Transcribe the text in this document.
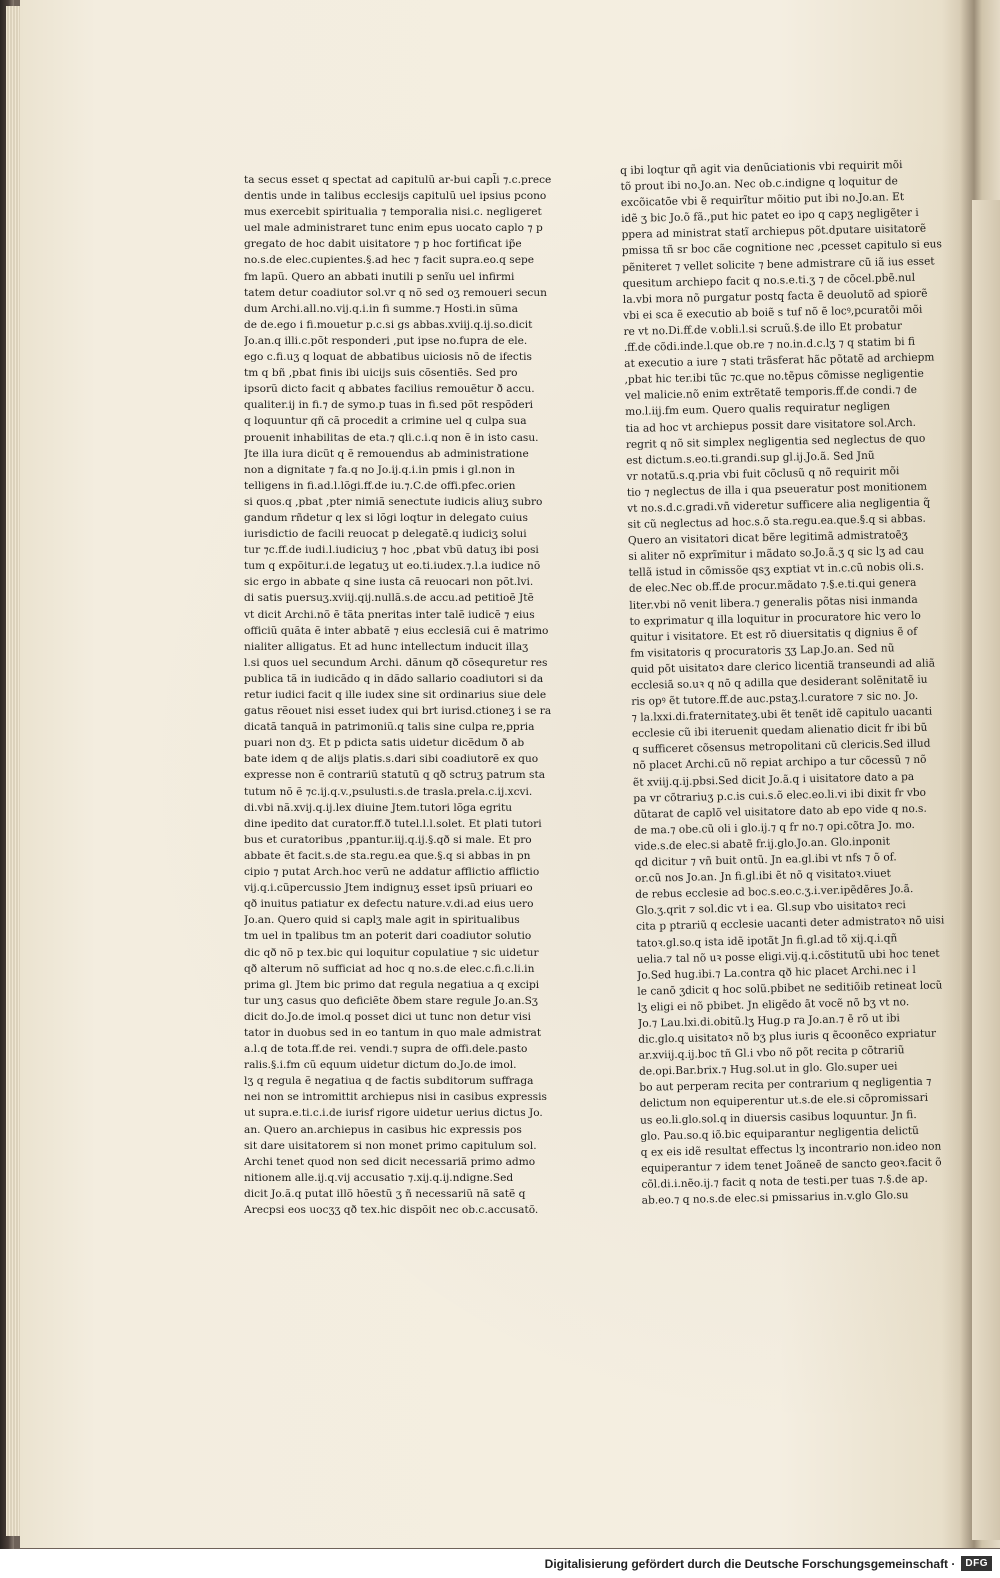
ta secus esset q spectat ad capitulũ ar-bui capl̃i ⁊.c.prece
dentis unde in talibus ecclesijs capitulũ uel ipsius pcono
mus exercebit spiritualia ⁊ temporalia nisi.c. negligeret
uel male administraret tunc enim epus uocato caplo ⁊ p
gregato de hoc dabit uisitatore ⁊ p hoc fortificat ip̃e
no.s.de elec.cupientes.§.ad hec ⁊ facit supra.eo.q sepe
fm lapũ. Quero an abbati inutili p senĩu uel infirmi
tatem detur coadiutor sol.vr q nõ sed oʒ remoueri secun
dum Archi.all.no.vij.q.i.in fi summe.⁊ Hosti.in sũma
de de.ego i fi.mouetur p.c.si gs abbas.xviij.q.ij.so.dicit
Jo.an.q illi.c.põt responderi ,put ipse no.fupra de ele.
ego c.fi.uʒ q loquat de abbatibus uiciosis nõ de ifectis
tm q bñ ,pbat finis ibi uicijs suis cõsentiẽs. Sed pro
ipsorũ dicto facit q abbates facilius remouẽtur ð accu.
qualiter.ij in fi.⁊ de symo.p tuas in fi.sed põt respõderi
q loquuntur qñ cã procedit a crimine uel q culpa sua
prouenit inhabilitas de eta.⁊ qli.c.i.q non ẽ in isto casu.
Jte illa iura dicũt q ẽ remouendus ab administratione
non a dignitate ⁊ fa.q no Jo.ij.q.i.in pmis i gl.non in
telligens in fi.ad.l.lõgi.ff.de iu.⁊.C.de offi.pfec.orien
si quos.q ,pbat ,pter nimiã senectute iudicis aliuʒ subro
gandum rñdetur q lex si lõgi loqtur in delegato cuius
iurisdictio de facili reuocat p delegatẽ.q iudiciʒ solui
tur ⁊c.ff.de iudi.l.iudiciuʒ ⁊ hoc ,pbat vbũ datuʒ ibi posi
tum q expõitur.i.de legatuʒ ut eo.ti.iudex.⁊.l.a iudice nõ
sic ergo in abbate q sine iusta cã reuocari non põt.lvi.
di satis puersuʒ.xviij.qij.nullã.s.de accu.ad petitioẽ Jtẽ
vt dicit Archi.nõ ẽ tãta pneritas inter talẽ iudicẽ ⁊ eius
officiũ quãta ẽ inter abbatẽ ⁊ eius ecclesiã cui ẽ matrimo
nialiter alligatus. Et ad hunc intellectum inducit illaʒ
l.si quos uel secundum Archi. dãnum qð cõsequretur res
publica tã in iudicãdo q in dãdo sallario coadiutori si da
retur iudici facit q ille iudex sine sit ordinarius siue dele
gatus rẽouet nisi esset iudex qui brt iurisd.ctioneʒ i se ra
dicatã tanquã in patrimoniũ.q talis sine culpa re,ppria
puari non dʒ. Et p pdicta satis uidetur dicẽdum ð ab
bate idem q de alijs platis.s.dari sibi coadiutorẽ ex quo
expresse non ẽ contrariũ statutũ q qð sctruʒ patrum sta
tutum nõ ẽ ⁊c.ij.q.v.,psulusti.s.de trasla.prela.c.ij.xcvi.
di.vbi nã.xvij.q.ij.lex diuine Jtem.tutori lõga egritu
dine ipedito dat curator.ff.ð tutel.l.l.solet. Et plati tutori
bus et curatoribus ,ppantur.iij.q.ij.§.qð si male. Et pro
abbate ẽt facit.s.de sta.regu.ea que.§.q si abbas in pn
cipio ⁊ putat Arch.hoc verũ ne addatur afflictio afflictio
vij.q.i.cũpercussio Jtem indignuʒ esset ipsũ priuari eo
qð inuitus patiatur ex defectu nature.v.di.ad eius uero
Jo.an. Quero quid si caplʒ male agit in spiritualibus
tm uel in tpalibus tm an poterit dari coadiutor solutio
dic qð nõ p tex.bic qui loquitur copulatiue ⁊ sic uidetur
qð alterum nõ sufficiat ad hoc q no.s.de elec.c.fi.c.li.in
prima gl. Jtem bic primo dat regula negatiua a q excipi
tur unʒ casus quo deficiẽte ðbem stare regule Jo.an.Sʒ
dicit do.Jo.de imol.q posset dici ut tunc non detur visi
tator in duobus sed in eo tantum in quo male admistrat
a.l.q de tota.ff.de rei. vendi.⁊ supra de offi.dele.pasto
ralis.§.i.fm cũ equum uidetur dictum do.Jo.de imol.
lʒ q regula ẽ negatiua q de factis subditorum suffraga
nei non se intromittit archiepus nisi in casibus expressis
ut supra.e.ti.c.i.de iurisf rigore uidetur uerius dictus Jo.
an. Quero an.archiepus in casibus hic expressis pos
sit dare uisitatorem si non monet primo capitulum sol.
Archi tenet quod non sed dicit necessariã primo admo
nitionem alle.ij.q.vij accusatio ⁊.xij.q.ij.ndigne.Sed
dicit Jo.ã.q putat illõ hõestũ ʒ ñ necessariũ nã satẽ q
Arecpsi eos uocʒʒ qð tex.hic dispõit nec ob.c.accusatõ.
q ibi loqtur qñ agit via denũciationis vbi requirit mõi
tõ prout ibi no.Jo.an. Nec ob.c.indigne q loquitur de
excõicatõe vbi ẽ requirĩtur mõitio put ibi no.Jo.an. Et
idẽ ʒ bic Jo.õ fã.,put hic patet eo ipo q capʒ negligẽter i
ppera ad ministrat statĩ archiepus põt.dputare uisitatorẽ
pmissa tñ sr boc cãe cognitione nec ,pcesset capitulo si eus
pẽniteret ⁊ vellet solicite ⁊ bene admistrare cũ iã ius esset
quesitum archiepo facit q no.s.e.ti.ʒ ⁊ de cõcel.pbẽ.nul
la.vbi mora nõ purgatur postq facta ẽ deuolutõ ad spiorẽ
vbi ei sca ẽ executio ab boiẽ s tuf nõ ẽ locꝰ,pcuratõi mõi
re vt no.Di.ff.de v.obli.l.si scruũ.§.de illo Et probatur
.ff.de cõdi.inde.l.que ob.re ⁊ no.in.d.c.lʒ ⁊ q statim bi fi
at executio a iure ⁊ stati trãsferat hãc põtatẽ ad archiepm
,pbat hic ter.ibi tũc ⁊c.que no.tẽpus cõmisse negligentie
vel malicie.nõ enim extrẽtatẽ temporis.ff.de condi.⁊ de
mo.l.iij.fm eum. Quero qualis requiratur negligen
tia ad hoc vt archiepus possit dare visitatore sol.Arch.
regrit q nõ sit simplex negligentia sed neglectus de quo
est dictum.s.eo.ti.grandi.sup gl.ij.Jo.ã. Sed Jnũ
vr notatũ.s.q.pria vbi fuit cõclusũ q nõ requirit mõi
tio ⁊ neglectus de illa i qua pseueratur post monitionem
vt no.s.d.c.gradi.vñ videretur sufficere alia negligentia q̃
sit cũ neglectus ad hoc.s.õ sta.regu.ea.que.§.q si abbas.
Quero an visitatori dicat bẽre legitimã admistratoẽʒ
si aliter nõ exprĩmitur i mãdato so.Jo.ã.ʒ q sic lʒ ad cau
tellã istud in cõmissõe qsʒ exptiat vt in.c.cũ nobis oli.s.
de elec.Nec ob.ff.de procur.mãdato ⁊.§.e.ti.qui genera
liter.vbi nõ venit libera.⁊ generalis põtas nisi inmanda
to exprimatur q illa loquitur in procuratore hic vero lo
quitur i visitatore. Et est rõ diuersitatis q dignius ẽ of
fm visitatoris q procuratoris ʒʒ Lap.Jo.an. Sed nũ
quid põt uisitatoꝛ dare clerico licentiã transeundi ad aliã
ecclesiã so.uꝛ q nõ q adilla que desiderant solẽnitatẽ iu
ris opꝰ ẽt tutore.ff.de auc.pstaʒ.l.curatore ⁊ sic no. Jo.
⁊ la.lxxi.di.fraternitateʒ.ubi ẽt tenẽt idẽ capitulo uacanti
ecclesie cũ ibi iteruenit quedam alienatio dicit fr ibi bũ
q sufficeret cõsensus metropolitani cũ clericis.Sed illud
nõ placet Archi.cũ nõ repiat archipo a tur cõcessũ ⁊ nõ
ẽt xviij.q.ij.pbsi.Sed dicit Jo.ã.q i uisitatore dato a pa
pa vr cõtrariuʒ p.c.is cui.s.õ elec.eo.li.vi ibi dixit fr vbo
dũtarat de caplõ vel uisitatore dato ab epo vide q no.s.
de ma.⁊ obe.cũ oli i glo.ij.⁊ q fr no.⁊ opi.cõtra Jo. mo.
vide.s.de elec.si abatẽ fr.ij.glo.Jo.an. Glo.inponit
qd dicitur ⁊ vñ buit ontũ. Jn ea.gl.ibi vt nfs ⁊ õ of.
or.cũ nos Jo.an. Jn fi.gl.ibi ẽt nõ q visitatoꝛ.viuet
de rebus ecclesie ad boc.s.eo.c.ʒ.i.ver.ipẽdẽres Jo.ã.
Glo.ʒ.qrit ⁊ sol.dic vt i ea. Gl.sup vbo uisitatoꝛ reci
cita p ptrariũ q ecclesie uacanti deter admistratoꝛ nõ uisi
tatoꝛ.gl.so.q ista idẽ ipotãt Jn fi.gl.ad tõ xij.q.i.qñ
uelia.⁊ tal nõ uꝛ posse eligi.vij.q.i.cõstitutũ ubi hoc tenet
Jo.Sed hug.ibi.⁊ La.contra qð hic placet Archi.nec i l
le canõ ʒdicit q hoc solũ.pbibet ne seditiõib retineat locũ
lʒ eligi ei nõ pbibet. Jn eligẽdo ãt vocẽ nõ bʒ vt no.
Jo.⁊ Lau.lxi.di.obitũ.lʒ Hug.p ra Jo.an.⁊ ẽ rõ ut ibi
dic.glo.q uisitatoꝛ nõ bʒ plus iuris q ẽcoonẽco expriatur
ar.xviij.q.ij.boc tñ Gl.i vbo nõ põt recita p cõtrariũ
de.opi.Bar.brix.⁊ Hug.sol.ut in glo. Glo.super uei
bo aut perperam recita per contrarium q negligentia ⁊
delictum non equiperentur ut.s.de ele.si cõpromissari
us eo.li.glo.sol.q in diuersis casibus loquuntur. Jn fi.
glo. Pau.so.q iõ.bic equiparantur negligentia delictũ
q ex eis idẽ resultat effectus lʒ incontrario non.ideo non
equiperantur ⁊ idem tenet Joãneẽ de sancto geoꝛ.facit õ
cõl.di.i.nẽo.ij.⁊ facit q nota de testi.per tuas ⁊.§.de ap.
ab.eo.⁊ q no.s.de elec.si pmissarius in.v.glo Glo.su
Digitalisierung gefördert durch die Deutsche Forschungsgemeinschaft ·	DFG
